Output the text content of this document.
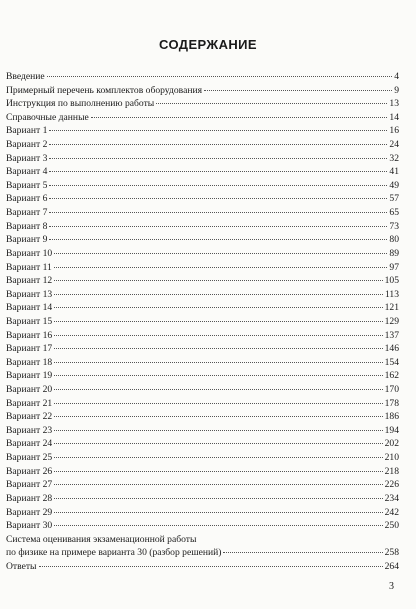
СОДЕРЖАНИЕ
Введение	4
Примерный перечень комплектов оборудования	9
Инструкция по выполнению работы	13
Справочные данные	14
Вариант 1	16
Вариант 2	24
Вариант 3	32
Вариант 4	41
Вариант 5	49
Вариант 6	57
Вариант 7	65
Вариант 8	73
Вариант 9	80
Вариант 10	89
Вариант 11	97
Вариант 12	105
Вариант 13	113
Вариант 14	121
Вариант 15	129
Вариант 16	137
Вариант 17	146
Вариант 18	154
Вариант 19	162
Вариант 20	170
Вариант 21	178
Вариант 22	186
Вариант 23	194
Вариант 24	202
Вариант 25	210
Вариант 26	218
Вариант 27	226
Вариант 28	234
Вариант 29	242
Вариант 30	250
Система оценивания экзаменационной работы
по физике на примере варианта 30 (разбор решений)	258
Ответы	264
3
